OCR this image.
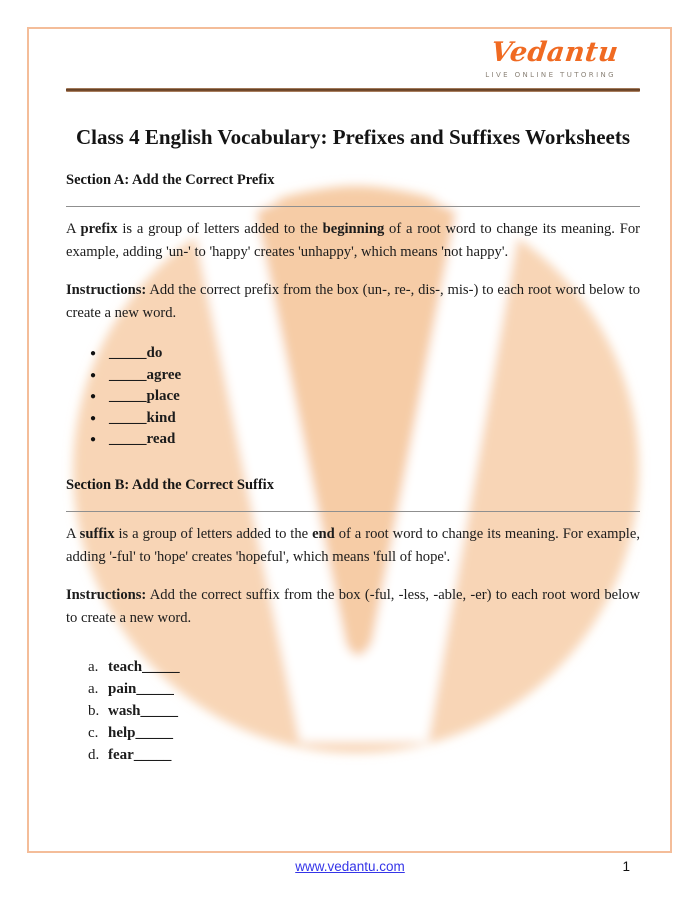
Vedantu
LIVE ONLINE TUTORING
Class 4 English Vocabulary: Prefixes and Suffixes Worksheets
Section A: Add the Correct Prefix
A prefix is a group of letters added to the beginning of a root word to change its meaning. For example, adding 'un-' to 'happy' creates 'unhappy', which means 'not happy'.
Instructions: Add the correct prefix from the box (un-, re-, dis-, mis-) to each root word below to create a new word.
● _____do
● _____agree
● _____place
● _____kind
● _____read
Section B: Add the Correct Suffix
A suffix is a group of letters added to the end of a root word to change its meaning. For example, adding '-ful' to 'hope' creates 'hopeful', which means 'full of hope'.
Instructions: Add the correct suffix from the box (-ful, -less, -able, -er) to each root word below to create a new word.
a. teach_____
a. pain_____
b. wash_____
c. help_____
d. fear_____
www.vedantu.com	1
